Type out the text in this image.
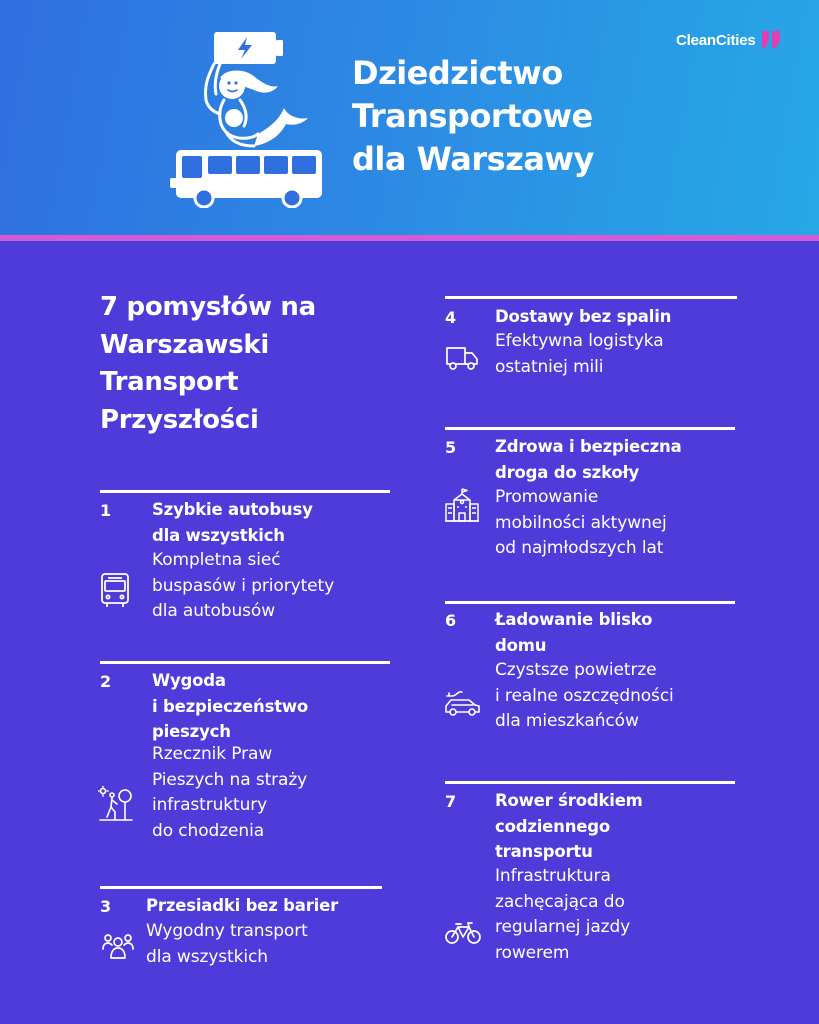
Dziedzictwo
Transportowe
dla Warszawy
CleanCities
7 pomysłów na
Warszawski
Transport
Przyszłości
1 Szybkie autobusy
dla wszystkich
Kompletna sieć
buspasów i priorytety
dla autobusów
2 Wygoda
i bezpieczeństwo
pieszych
Rzecznik Praw
Pieszych na straży
infrastruktury
do chodzenia
3 Przesiadki bez barier
Wygodny transport
dla wszystkich
4 Dostawy bez spalin
Efektywna logistyka
ostatniej mili
5 Zdrowa i bezpieczna
droga do szkoły
Promowanie
mobilności aktywnej
od najmłodszych lat
6 Ładowanie blisko
domu
Czystsze powietrze
i realne oszczędności
dla mieszkańców
7 Rower środkiem
codziennego
transportu
Infrastruktura
zachęcająca do
regularnej jazdy
rowerem
